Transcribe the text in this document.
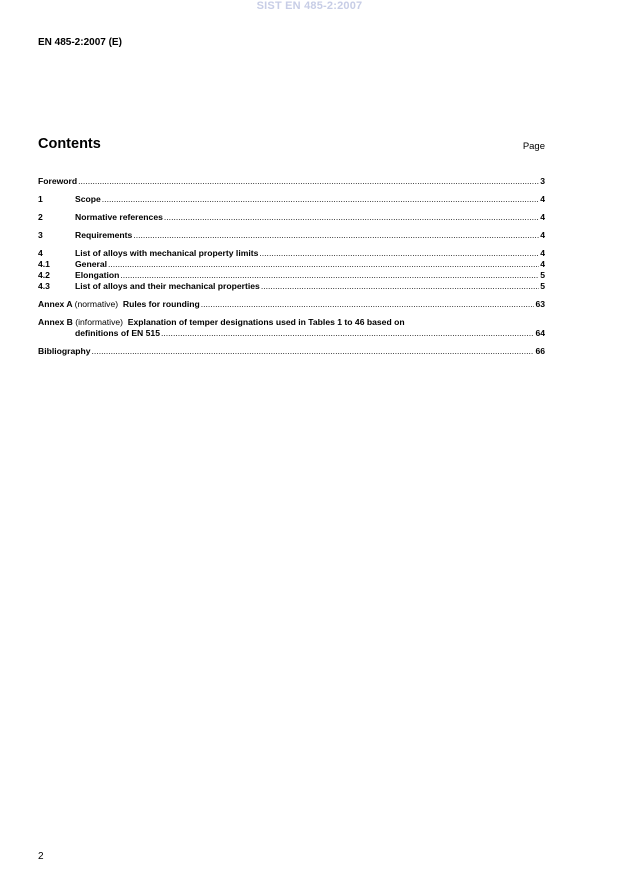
SIST EN 485-2:2007
EN 485-2:2007 (E)
Contents	Page
Foreword .....	3
1	Scope .....	4
2	Normative references .....	4
3	Requirements .....	4
4	List of alloys with mechanical property limits .....	4
4.1	General .....	4
4.2	Elongation .....	5
4.3	List of alloys and their mechanical properties .....	5
Annex A (normative) Rules for rounding .....	63
Annex B (informative) Explanation of temper designations used in Tables 1 to 46 based on
definitions of EN 515 .....	64
Bibliography .....	66
2
